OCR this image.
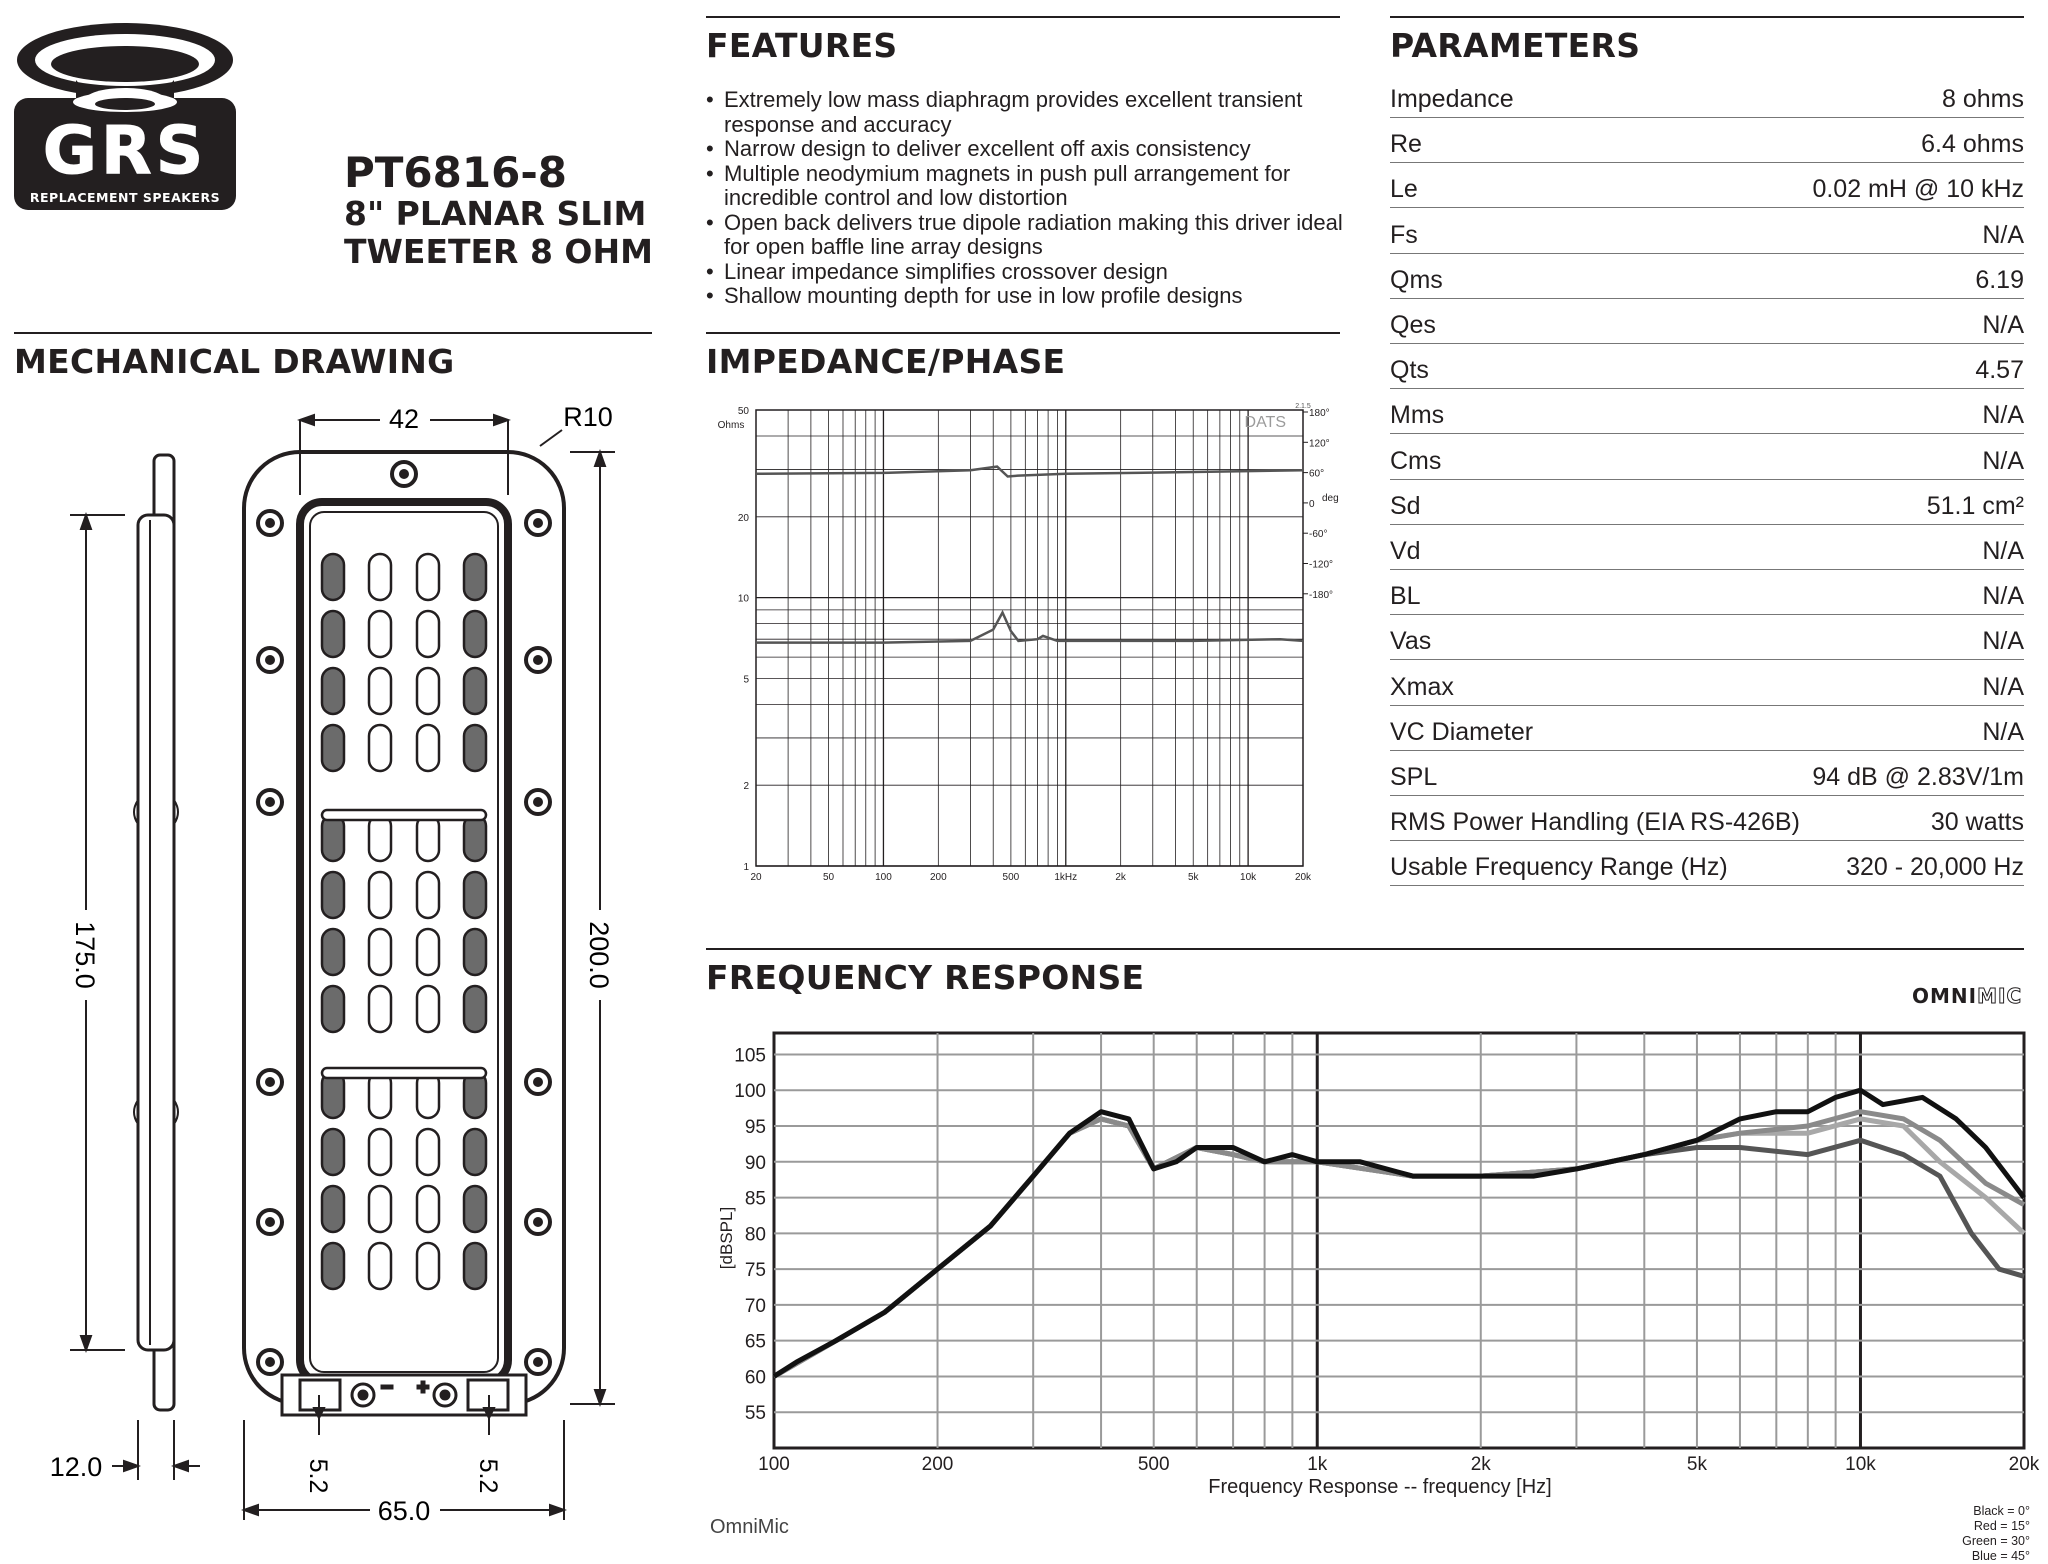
GRS
REPLACEMENT SPEAKERS
PT6816-8
8" PLANAR SLIM
TWEETER 8 OHM
FEATURES
• Extremely low mass diaphragm provides excellent transient response and accuracy
• Narrow design to deliver excellent off axis consistency
• Multiple neodymium magnets in push pull arrangement for incredible control and low distortion
• Open back delivers true dipole radiation making this driver ideal for open baffle line array designs
• Linear impedance simplifies crossover design
• Shallow mounting depth for use in low profile designs
PARAMETERS
Impedance	8 ohms
Re	6.4 ohms
Le	0.02 mH @ 10 kHz
Fs	N/A
Qms	6.19
Qes	N/A
Qts	4.57
Mms	N/A
Cms	N/A
Sd	51.1 cm²
Vd	N/A
BL	N/A
Vas	N/A
Xmax	N/A
VC Diameter	N/A
SPL	94 dB @ 2.83V/1m
RMS Power Handling (EIA RS-426B)	30 watts
Usable Frequency Range (Hz)	320 - 20,000 Hz
MECHANICAL DRAWING
42	R10
175.0	200.0
12.0
65.0
5.2	5.2
IMPEDANCE/PHASE
20	50	100	200	500	1kHz	2k	5k	10k	20k
50
20
10
5
2
1
180°
120°
60°
0
-60°
-120°
-180°
DATS
2.1.5
Ohms
deg
FREQUENCY RESPONSE	OMNIMIC
100	200	500	1k	2k	5k	10k	20k
55
60
65
70
75
80
85
90
95
100
105
Frequency Response -- frequency [Hz]
[dBSPL]
OmniMic
Black = 0°
Red = 15°
Green = 30°
Blue = 45°
